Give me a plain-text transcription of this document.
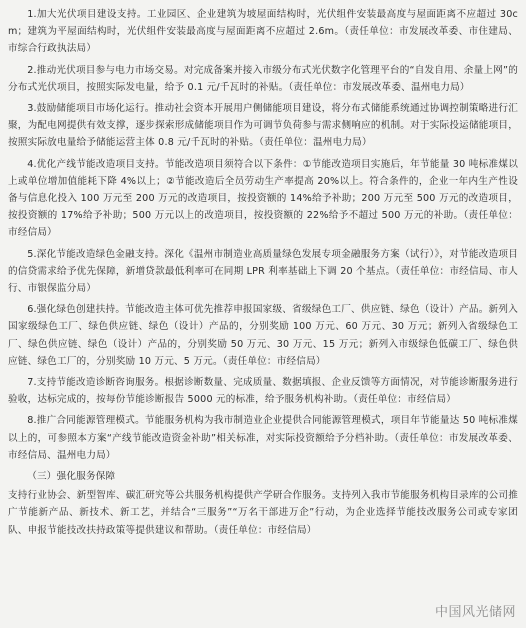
1.加大光伏项目建设支持。工业园区、企业建筑为坡屋面结构时，光伏组件安装最高度与屋面距离不应超过 30cm；建筑为平屋面结构时，光伏组件安装最高度与屋面距离不应超过 2.6m。（责任单位：市发展改革委、市住建局、市综合行政执法局）

2.推动光伏项目参与电力市场交易。对完成备案并接入市级分布式光伏数字化管理平台的“自发自用、余量上网”的分布式光伏项目，按照实际发电量，给予 0.1 元/千瓦时的补贴。（责任单位：市发展改革委、温州电力局）

3.鼓励储能项目市场化运行。推动社会资本开展用户侧储能项目建设，将分布式储能系统通过协调控制策略进行汇聚，为配电网提供有效支撑，逐步探索形成储能项目作为可调节负荷参与需求侧响应的机制。对于实际投运储能项目，按照实际放电量给予储能运营主体 0.8 元/千瓦时的补贴。（责任单位：温州电力局）

4.优化产线节能改造项目支持。节能改造项目须符合以下条件：①节能改造项目实施后，年节能量 30 吨标准煤以上或单位增加值能耗下降 4%以上；②节能改造后全员劳动生产率提高 20%以上。符合条件的，企业一年内生产性设备与信息化投入 100 万元至 200 万元的改造项目，按投资额的 14%给予补助；200 万元至 500 万元的改造项目，按投资额的 17%给予补助；500 万元以上的改造项目，按投资额的 22%给予不超过 500 万元的补助。（责任单位：市经信局）

5.深化节能改造绿色金融支持。深化《温州市制造业高质量绿色发展专项金融服务方案（试行）》，对节能改造项目的信贷需求给予优先保障，新增贷款最低利率可在同期 LPR 利率基础上下调 20 个基点。（责任单位：市经信局、市人行、市银保监分局）

6.强化绿色创建扶持。节能改造主体可优先推荐申报国家级、省级绿色工厂、供应链、绿色（设计）产品。新列入国家级绿色工厂、绿色供应链、绿色（设计）产品的，分别奖励 100 万元、60 万元、30 万元；新列入省级绿色工厂、绿色供应链、绿色（设计）产品的，分别奖励 50 万元、30 万元、15 万元；新列入市级绿色低碳工厂、绿色供应链、绿色工厂的，分别奖励 10 万元、5 万元。（责任单位：市经信局）

7.支持节能改造诊断咨询服务。根据诊断数量、完成质量、数据填报、企业反馈等方面情况，对节能诊断服务进行验收，达标完成的，按每份节能诊断报告 5000 元的标准，给予服务机构补助。（责任单位：市经信局）

8.推广合同能源管理模式。节能服务机构为我市制造业企业提供合同能源管理模式，项目年节能量达 50 吨标准煤以上的，可参照本方案“产线节能改造资金补助”相关标准，对实际投资额给予分档补助。（责任单位：市发展改革委、市经信局、温州电力局）

（三）强化服务保障

支持行业协会、新型智库、碳汇研究等公共服务机构提供产学研合作服务。支持列入我市节能服务机构目录库的公司推广节能新产品、新技术、新工艺，并结合“三服务”“万名干部进万企”行动，为企业选择节能技改服务公司或专家团队、申报节能技改扶持政策等提供建议和帮助。（责任单位：市经信局）

中国风光储网
